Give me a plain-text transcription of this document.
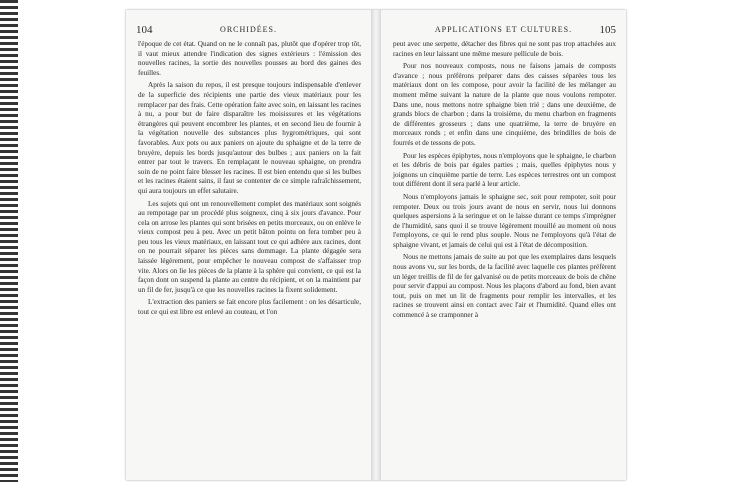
104	ORCHIDÉES.

l'époque de cet état. Quand on ne le connaît pas, plutôt que d'opérer trop tôt, il vaut mieux attendre l'indication des signes extérieurs : l'émission des nouvelles racines, la sortie des nouvelles pousses au bord des gaines des feuilles.

Après la saison du repos, il est presque toujours indispensable d'enlever de la superficie des récipients une partie des vieux matériaux pour les remplacer par des frais. Cette opération faite avec soin, en laissant les racines à nu, a pour but de faire disparaître les moisissures et les végétations étrangères qui peuvent encombrer les plantes, et en second lieu de fournir à la végétation nouvelle des substances plus hygrométriques, qui sont favorables. Aux pots ou aux paniers on ajoute du sphaigne et de la terre de bruyère, depuis les bords jusqu'autour des bulbes ; aux paniers on la fait entrer par tout le travers. En remplaçant le nouveau sphaigne, on prendra soin de ne point faire blesser les racines. Il est bien entendu que si les bulbes et les racines étaient sains, il faut se contenter de ce simple rafraîchissement, qui aura toujours un effet salutaire.

Les sujets qui ont un renouvellement complet des matériaux sont soignés au rempotage par un procédé plus soigneux, cinq à six jours d'avance. Pour cela on arrose les plantes qui sont brisées en petits morceaux, ou on enlève le vieux compost peu à peu. Avec un petit bâton pointu on fera tomber peu à peu tous les vieux matériaux, en laissant tout ce qui adhère aux racines, dont on ne pourrait séparer les pièces sans dommage. La plante dégagée sera laissée légèrement, pour empêcher le nouveau compost de s'affaisser trop vite. Alors on lie les pièces de la plante à la sphère qui convient, ce qui est la façon dont on suspend la plante au centre du récipient, et on la maintient par un fil de fer, jusqu'à ce que les nouvelles racines la fixent solidement.

L'extraction des paniers se fait encore plus facilement : on les désarticule, tout ce qui est libre est enlevé au couteau, et l'on

APPLICATIONS ET CULTURES.	105

peut avec une serpette, détacher des fibres qui ne sont pas trop attachées aux racines en leur laissant une même mesure pellicule de bois.

Pour nos nouveaux composts, nous ne faisons jamais de composts d'avance ; nous préférons préparer dans des caisses séparées tous les matériaux dont on les compose, pour avoir la facilité de les mélanger au moment même suivant la nature de la plante que nous voulons rempoter. Dans une, nous mettons notre sphaigne bien trié ; dans une deuxième, de grands blocs de charbon ; dans la troisième, du menu charbon en fragments de différentes grosseurs ; dans une quatrième, la terre de bruyère en morceaux ronds ; et enfin dans une cinquième, des brindilles de bois de fourrés et de tessons de pots.

Pour les espèces épiphytes, nous n'employons que le sphaigne, le charbon et les débris de bois par égales parties ; mais, quelles épiphytes nous y joignons un cinquième partie de terre. Les espèces terrestres ont un compost tout différent dont il sera parlé à leur article.

Nous n'employons jamais le sphaigne sec, soit pour rempoter, soit pour rempoter. Deux ou trois jours avant de nous en servir, nous lui donnons quelques aspersions à la seringue et on le laisse durant ce temps s'imprégner de l'humidité, sans quoi il se trouve légèrement mouillé au moment où nous l'employons, ce qui le rend plus souple. Nous ne l'employons qu'à l'état de sphaigne vivant, et jamais de celui qui est à l'état de décomposition.

Nous ne mettons jamais de suite au pot que les exemplaires dans lesquels nous avons vu, sur les bords, de la facilité avec laquelle ces plantes préfèrent un léger treillis de fil de fer galvanisé ou de petits morceaux de bois de chêne pour servir d'appui au compost. Nous les plaçons d'abord au fond, bien avant tout, puis on met un lit de fragments pour remplir les intervalles, et les racines se trouvent ainsi en contact avec l'air et l'humidité. Quand elles ont commencé à se cramponner à
